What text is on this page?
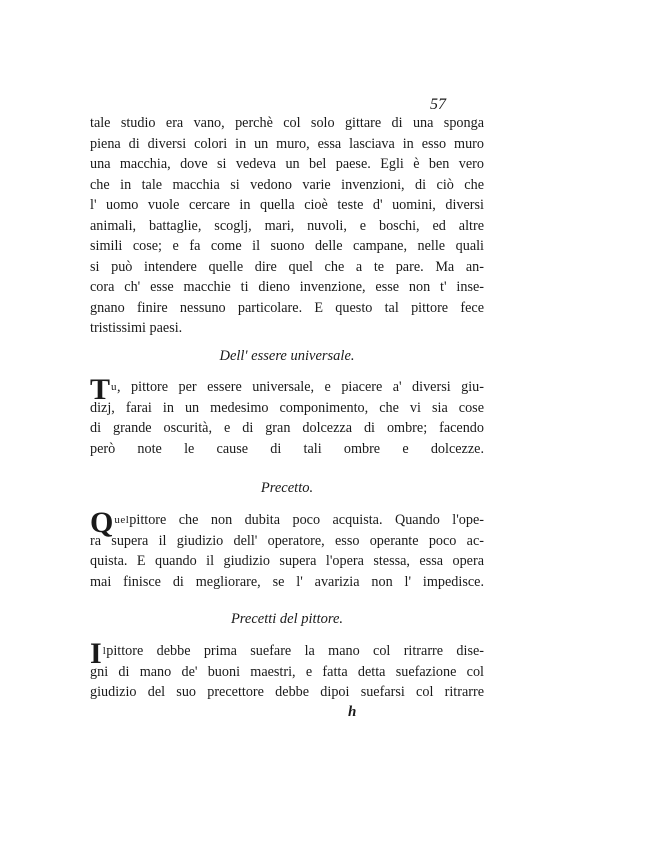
57
tale studio era vano, perchè col solo gittare di una sponga
piena di diversi colori in un muro, essa lasciava in esso muro
una macchia, dove si vedeva un bel paese. Egli è ben vero
che in tale macchia si vedono varie invenzioni, di ciò che
l' uomo vuole cercare in quella cioè teste d' uomini, diversi
animali, battaglie, scoglj, mari, nuvoli, e boschi, ed altre
simili cose; e fa come il suono delle campane, nelle quali
si può intendere quelle dire quel che a te pare. Ma an-
cora ch' esse macchie ti dieno invenzione, esse non t' inse-
gnano finire nessuno particolare. E questo tal pittore fece
tristissimi paesi.
Dell' essere universale.
T u , pittore per essere universale, e piacere a' diversi giu-
dizj, farai in un medesimo componimento, che vi sia cose
di grande oscurità, e di gran dolcezza di ombre; facendo
però note le cause di tali ombre e dolcezze.
Precetto.
Q uel pittore che non dubita poco acquista. Quando l'ope-
ra supera il giudizio dell' operatore, esso operante poco ac-
quista. E quando il giudizio supera l'opera stessa, essa opera
mai finisce di megliorare, se l' avarizia non l' impedisce.
Precetti del pittore.
I l pittore debbe prima suefare la mano col ritrarre dise-
gni di mano de' buoni maestri, e fatta detta suefazione col
giudizio del suo precettore debbe dipoi suefarsi col ritrarre
h
